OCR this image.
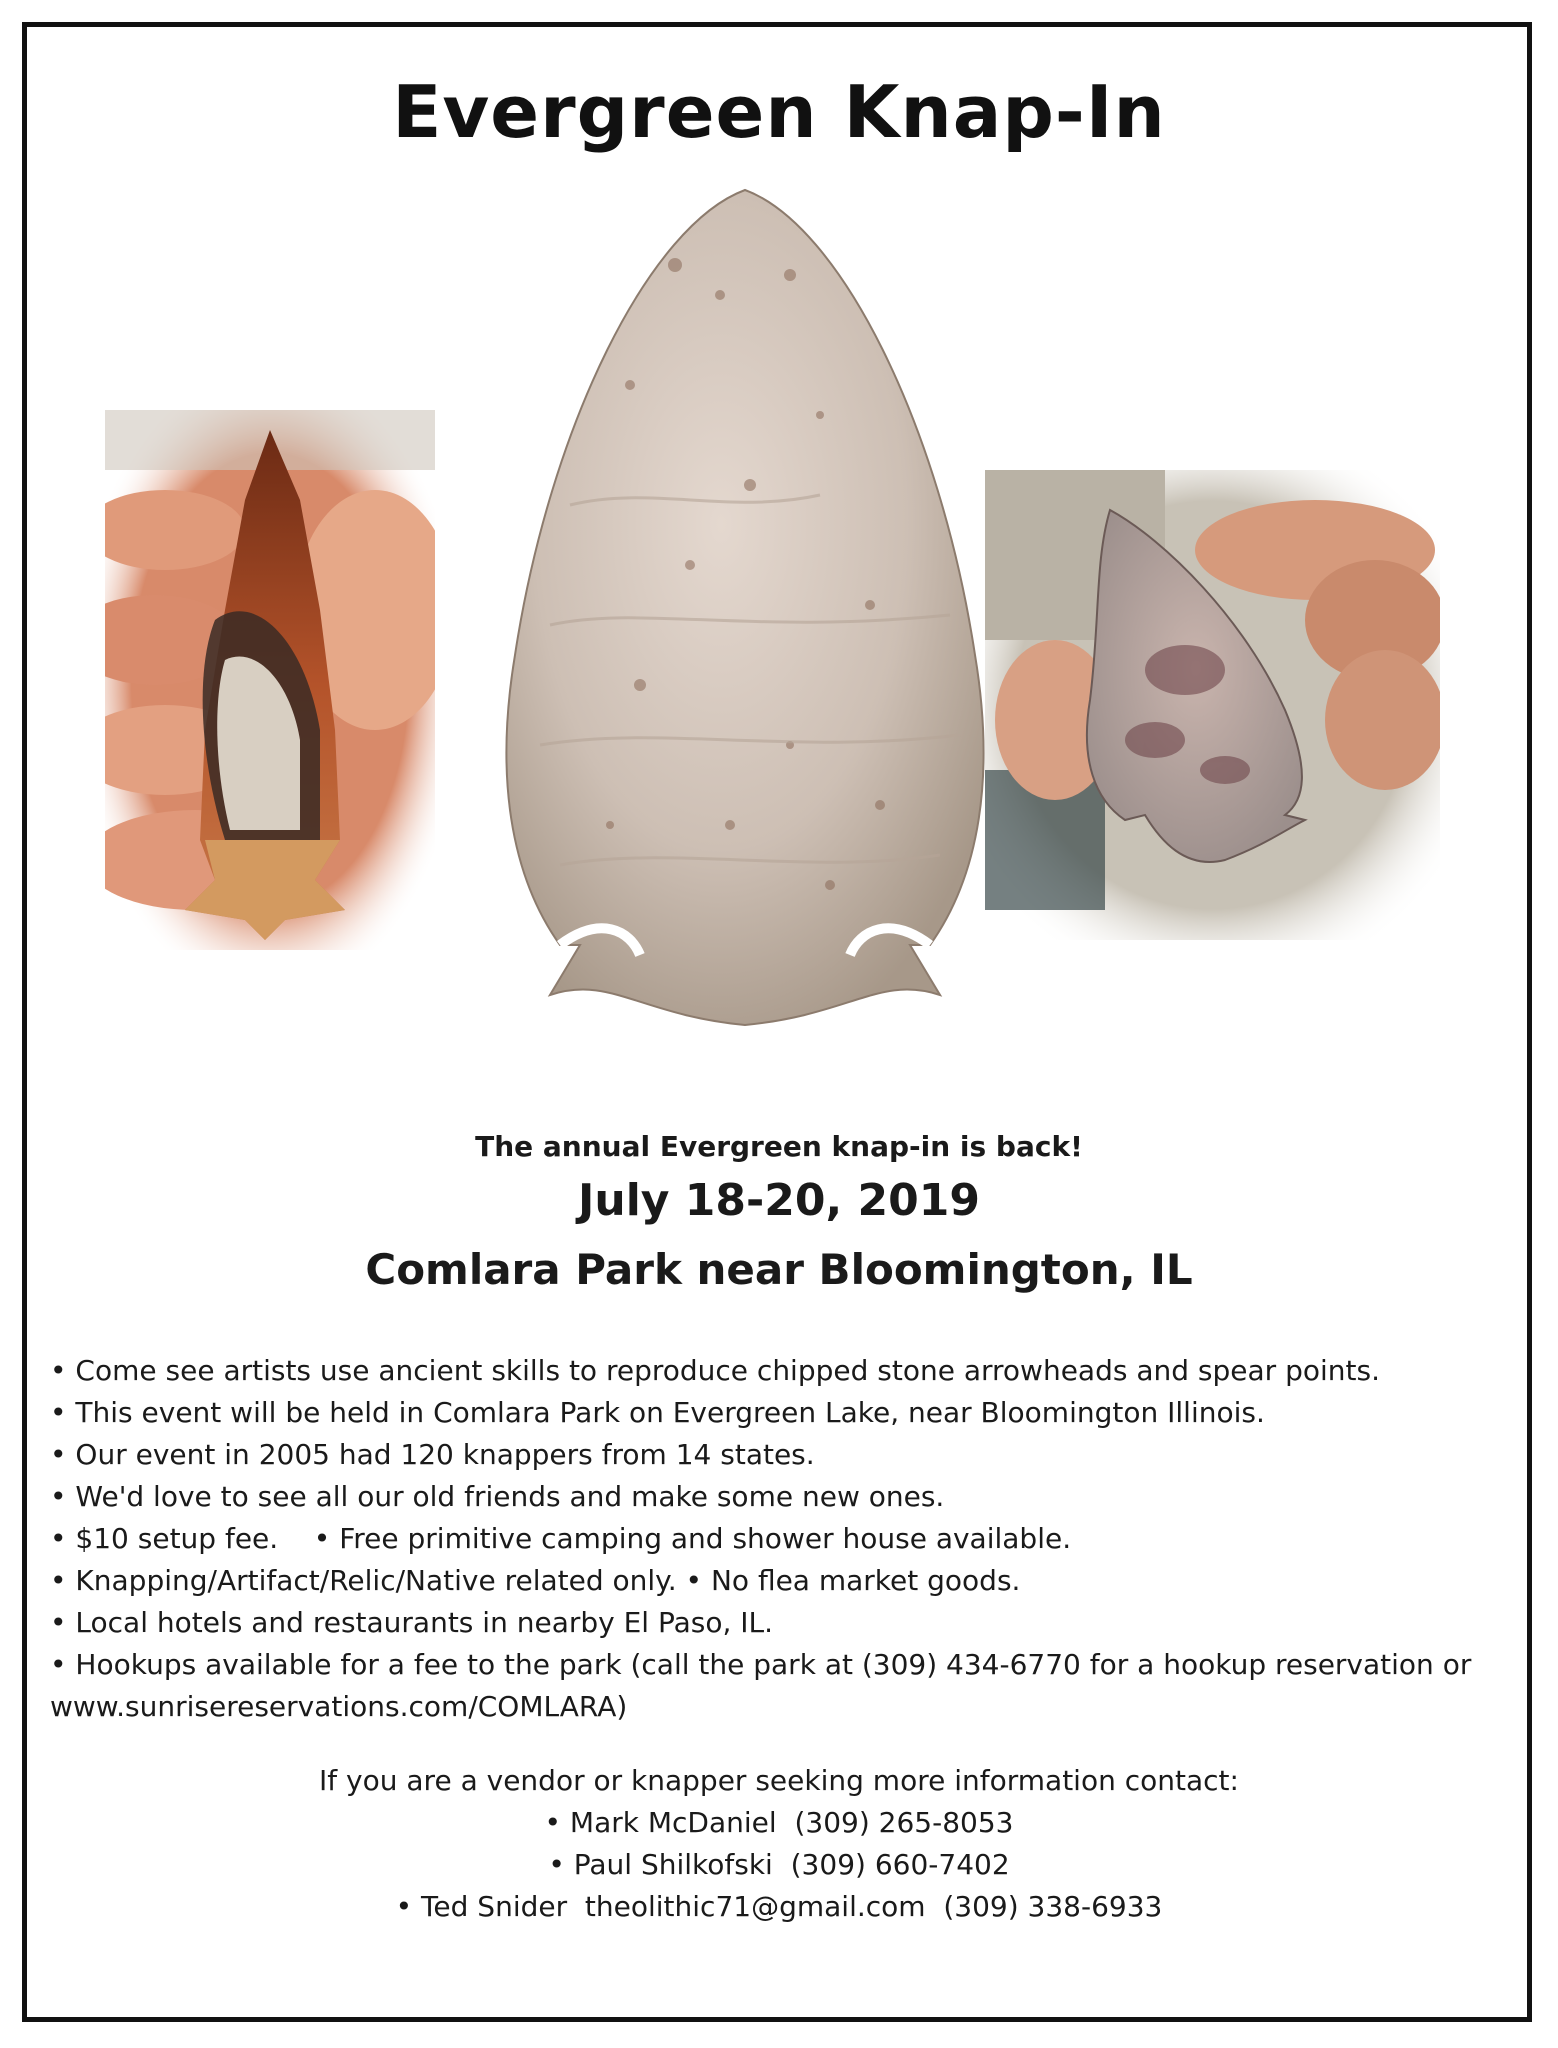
Evergreen Knap-In
The annual Evergreen knap-in is back!
July 18-20, 2019
Comlara Park near Bloomington, IL
• Come see artists use ancient skills to reproduce chipped stone arrowheads and spear points.
• This event will be held in Comlara Park on Evergreen Lake, near Bloomington Illinois.
• Our event in 2005 had 120 knappers from 14 states.
• We'd love to see all our old friends and make some new ones.
• $10 setup fee.    • Free primitive camping and shower house available.
• Knapping/Artifact/Relic/Native related only. • No flea market goods.
• Local hotels and restaurants in nearby El Paso, IL.
• Hookups available for a fee to the park (call the park at (309) 434-6770 for a hookup reservation or www.sunrisereservations.com/COMLARA)
If you are a vendor or knapper seeking more information contact:
• Mark McDaniel  (309) 265-8053
• Paul Shilkofski  (309) 660-7402
• Ted Snider  theolithic71@gmail.com  (309) 338-6933
